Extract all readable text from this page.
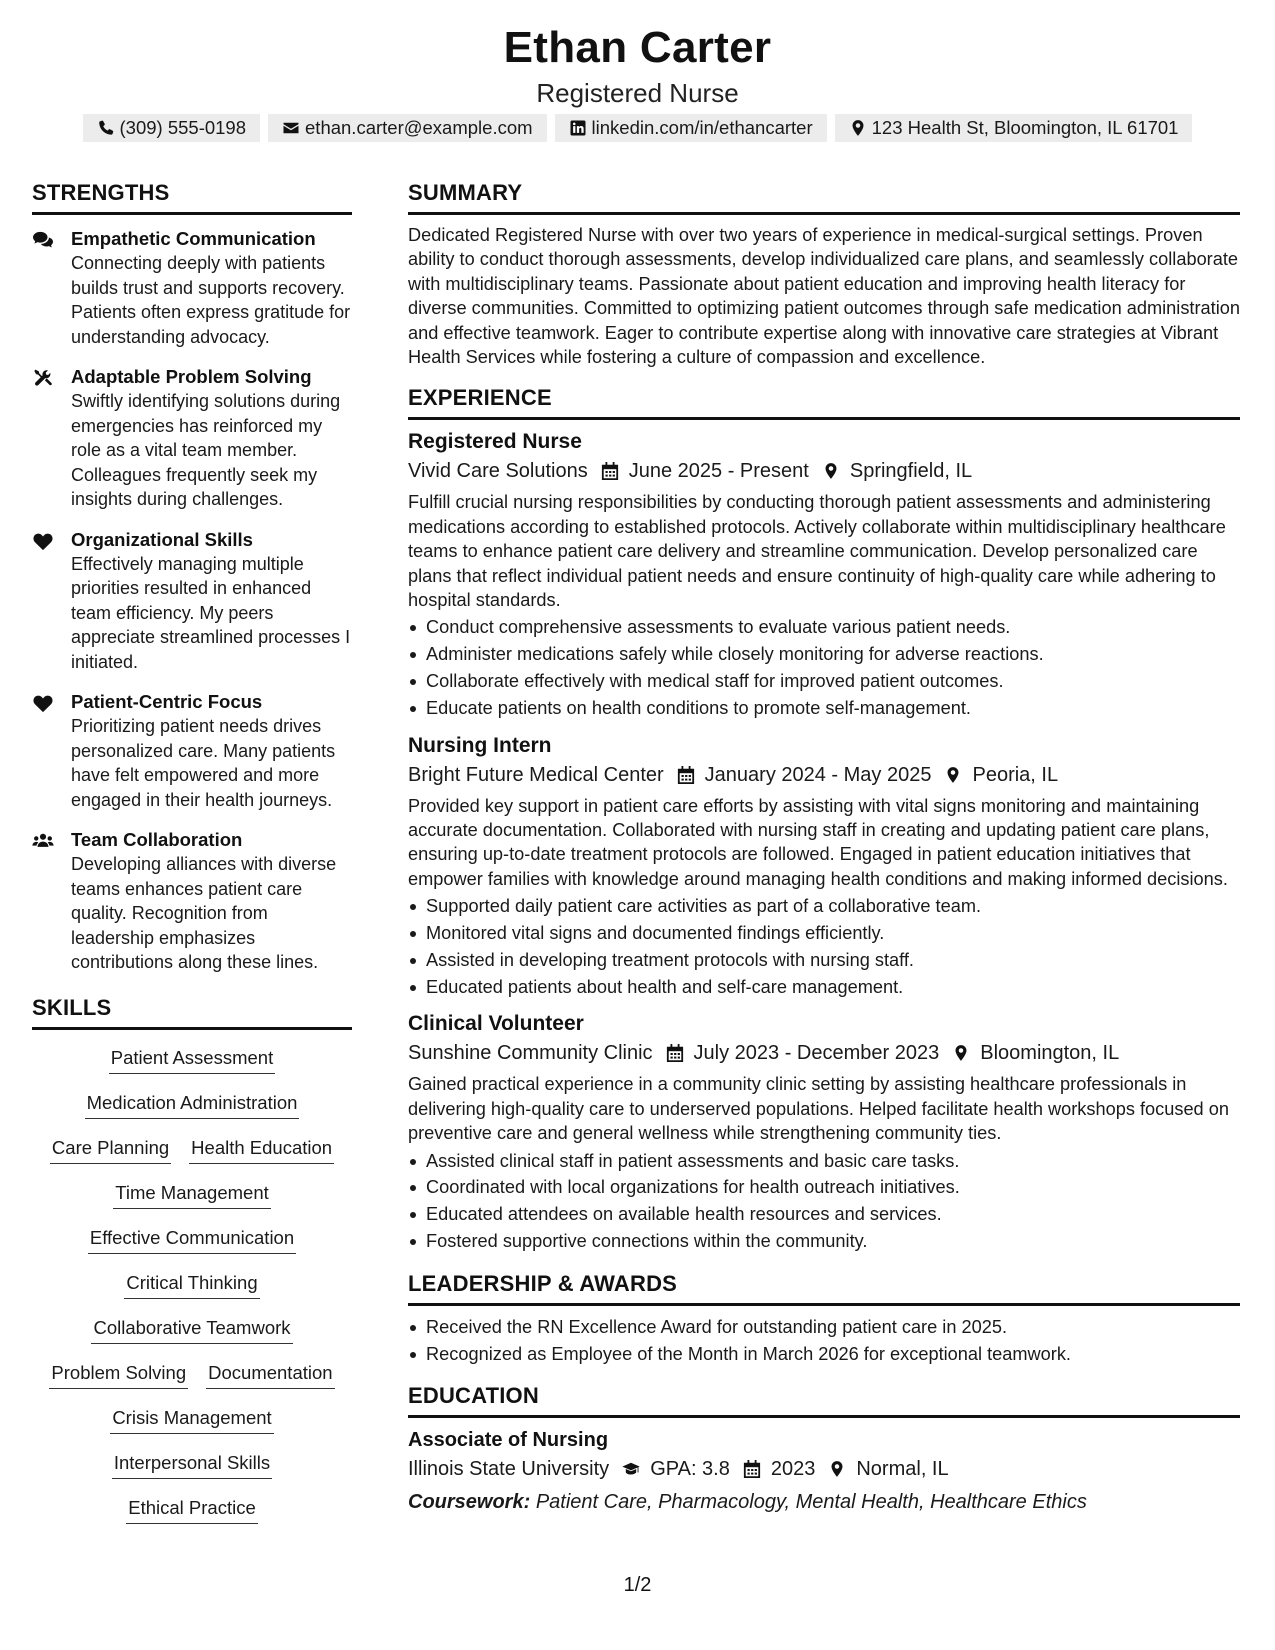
Ethan Carter
Registered Nurse
(309) 555-0198	ethan.carter@example.com	linkedin.com/in/ethancarter	123 Health St, Bloomington, IL 61701
STRENGTHS
Empathetic Communication
Connecting deeply with patients builds trust and supports recovery. Patients often express gratitude for understanding advocacy.
Adaptable Problem Solving
Swiftly identifying solutions during emergencies has reinforced my role as a vital team member. Colleagues frequently seek my insights during challenges.
Organizational Skills
Effectively managing multiple priorities resulted in enhanced team efficiency. My peers appreciate streamlined processes I initiated.
Patient-Centric Focus
Prioritizing patient needs drives personalized care. Many patients have felt empowered and more engaged in their health journeys.
Team Collaboration
Developing alliances with diverse teams enhances patient care quality. Recognition from leadership emphasizes contributions along these lines.
SKILLS
Patient Assessment
Medication Administration
Care Planning Health Education
Time Management
Effective Communication
Critical Thinking
Collaborative Teamwork
Problem Solving Documentation
Crisis Management
Interpersonal Skills
Ethical Practice
SUMMARY
Dedicated Registered Nurse with over two years of experience in medical-surgical settings. Proven ability to conduct thorough assessments, develop individualized care plans, and seamlessly collaborate with multidisciplinary teams. Passionate about patient education and improving health literacy for diverse communities. Committed to optimizing patient outcomes through safe medication administration and effective teamwork. Eager to contribute expertise along with innovative care strategies at Vibrant Health Services while fostering a culture of compassion and excellence.
EXPERIENCE
Registered Nurse
Vivid Care Solutions June 2025 - Present Springfield, IL
Fulfill crucial nursing responsibilities by conducting thorough patient assessments and administering medications according to established protocols. Actively collaborate within multidisciplinary healthcare teams to enhance patient care delivery and streamline communication. Develop personalized care plans that reflect individual patient needs and ensure continuity of high-quality care while adhering to hospital standards.
Conduct comprehensive assessments to evaluate various patient needs.
Administer medications safely while closely monitoring for adverse reactions.
Collaborate effectively with medical staff for improved patient outcomes.
Educate patients on health conditions to promote self-management.
Nursing Intern
Bright Future Medical Center January 2024 - May 2025 Peoria, IL
Provided key support in patient care efforts by assisting with vital signs monitoring and maintaining accurate documentation. Collaborated with nursing staff in creating and updating patient care plans, ensuring up-to-date treatment protocols are followed. Engaged in patient education initiatives that empower families with knowledge around managing health conditions and making informed decisions.
Supported daily patient care activities as part of a collaborative team.
Monitored vital signs and documented findings efficiently.
Assisted in developing treatment protocols with nursing staff.
Educated patients about health and self-care management.
Clinical Volunteer
Sunshine Community Clinic July 2023 - December 2023 Bloomington, IL
Gained practical experience in a community clinic setting by assisting healthcare professionals in delivering high-quality care to underserved populations. Helped facilitate health workshops focused on preventive care and general wellness while strengthening community ties.
Assisted clinical staff in patient assessments and basic care tasks.
Coordinated with local organizations for health outreach initiatives.
Educated attendees on available health resources and services.
Fostered supportive connections within the community.
LEADERSHIP & AWARDS
Received the RN Excellence Award for outstanding patient care in 2025.
Recognized as Employee of the Month in March 2026 for exceptional teamwork.
EDUCATION
Associate of Nursing
Illinois State University GPA: 3.8 2023 Normal, IL
Coursework: Patient Care, Pharmacology, Mental Health, Healthcare Ethics
1/2
